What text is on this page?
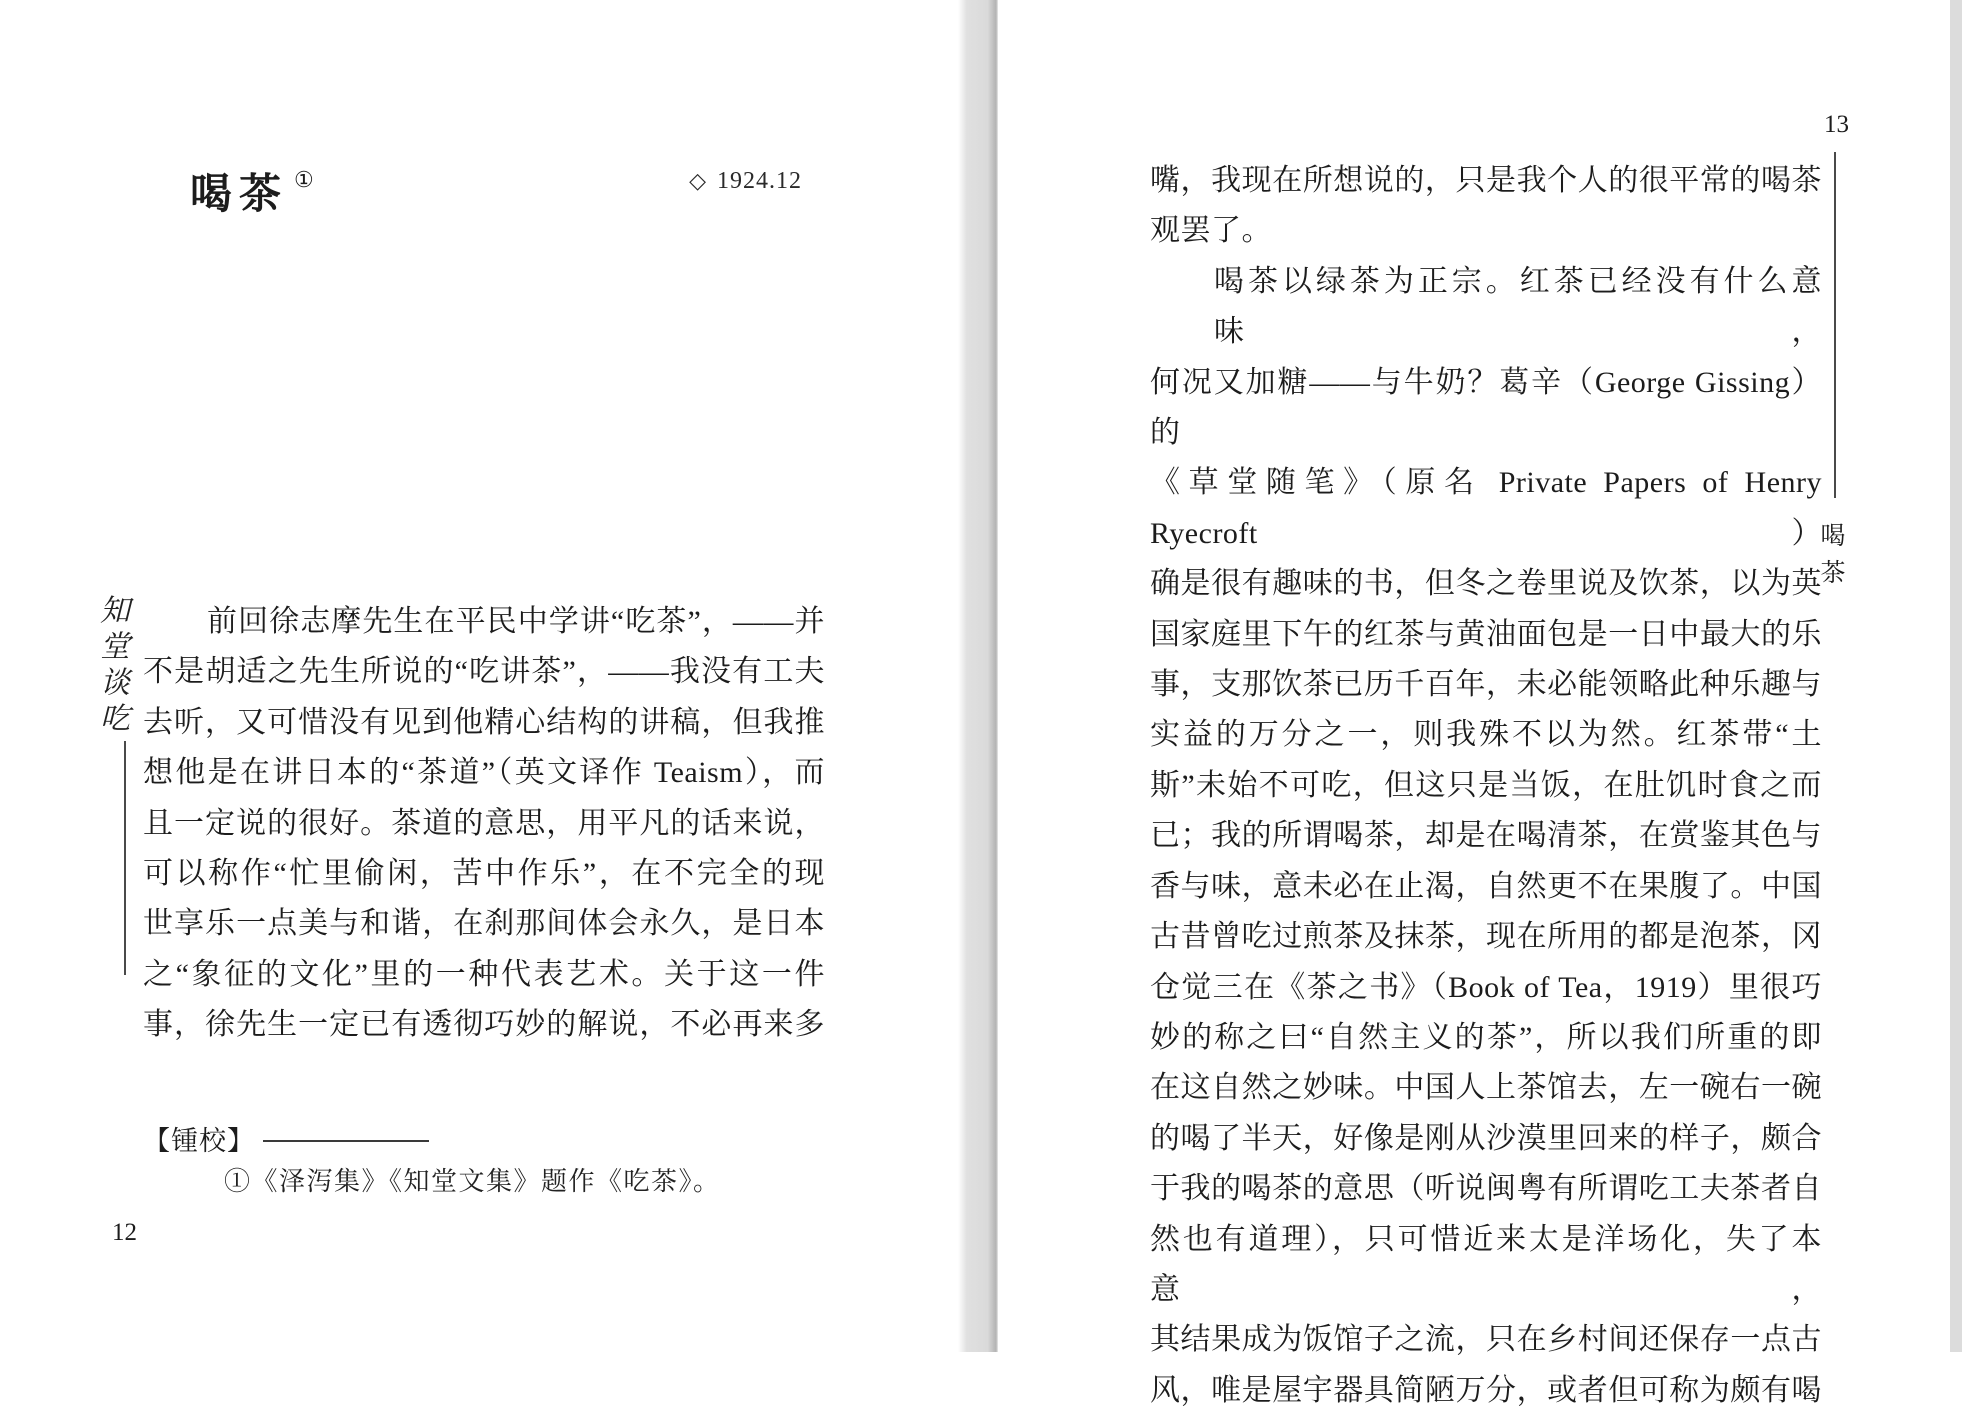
喝茶 ①	◇ 1924.12
知堂谈吃	前回徐志摩先生在平民中学讲“吃茶”，——并
不是胡适之先生所说的“吃讲茶”，——我没有工夫
去听，又可惜没有见到他精心结构的讲稿，但我推
想他是在讲日本的“茶道”（英文译作 Teaism），而
且一定说的很好。茶道的意思，用平凡的话来说，
可以称作“忙里偷闲，苦中作乐”，在不完全的现
世享乐一点美与和谐，在刹那间体会永久，是日本
之“象征的文化”里的一种代表艺术。关于这一件
事，徐先生一定已有透彻巧妙的解说，不必再来多
【锺校】
①《泽泻集》《知堂文集》题作《吃茶》。
12
13
喝茶
嘴，我现在所想说的，只是我个人的很平常的喝茶
观罢了。
喝茶以绿茶为正宗。红茶已经没有什么意味，
何况又加糖——与牛奶？葛辛（George Gissing）的
《草堂随笔》（原名 Private Papers of Henry Ryecroft）
确是很有趣味的书，但冬之卷里说及饮茶，以为英
国家庭里下午的红茶与黄油面包是一日中最大的乐
事，支那饮茶已历千百年，未必能领略此种乐趣与
实益的万分之一，则我殊不以为然。红茶带“土
斯”未始不可吃，但这只是当饭，在肚饥时食之而
已；我的所谓喝茶，却是在喝清茶，在赏鉴其色与
香与味，意未必在止渴，自然更不在果腹了。中国
古昔曾吃过煎茶及抹茶，现在所用的都是泡茶，冈
仓觉三在《茶之书》（Book of Tea，1919）里很巧
妙的称之曰“自然主义的茶”，所以我们所重的即
在这自然之妙味。中国人上茶馆去，左一碗右一碗
的喝了半天，好像是刚从沙漠里回来的样子，颇合
于我的喝茶的意思（听说闽粤有所谓吃工夫茶者自
然也有道理），只可惜近来太是洋场化，失了本意，
其结果成为饭馆子之流，只在乡村间还保存一点古
风，唯是屋宇器具简陋万分，或者但可称为颇有喝
